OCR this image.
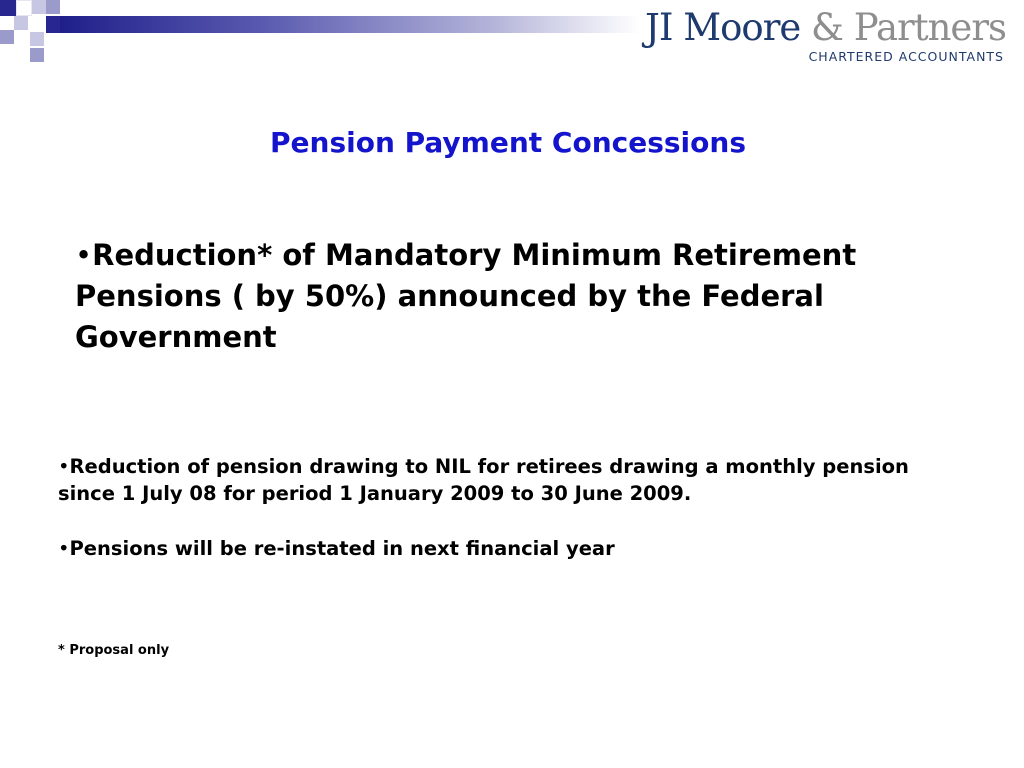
JI Moore & Partners
CHARTERED ACCOUNTANTS
Pension Payment Concessions
•Reduction* of Mandatory Minimum Retirement Pensions ( by 50%) announced by the Federal Government
•Reduction of pension drawing to NIL for retirees drawing a monthly pension since 1 July 08 for period 1 January 2009 to 30 June 2009.
•Pensions will be re-instated in next financial year
* Proposal only
